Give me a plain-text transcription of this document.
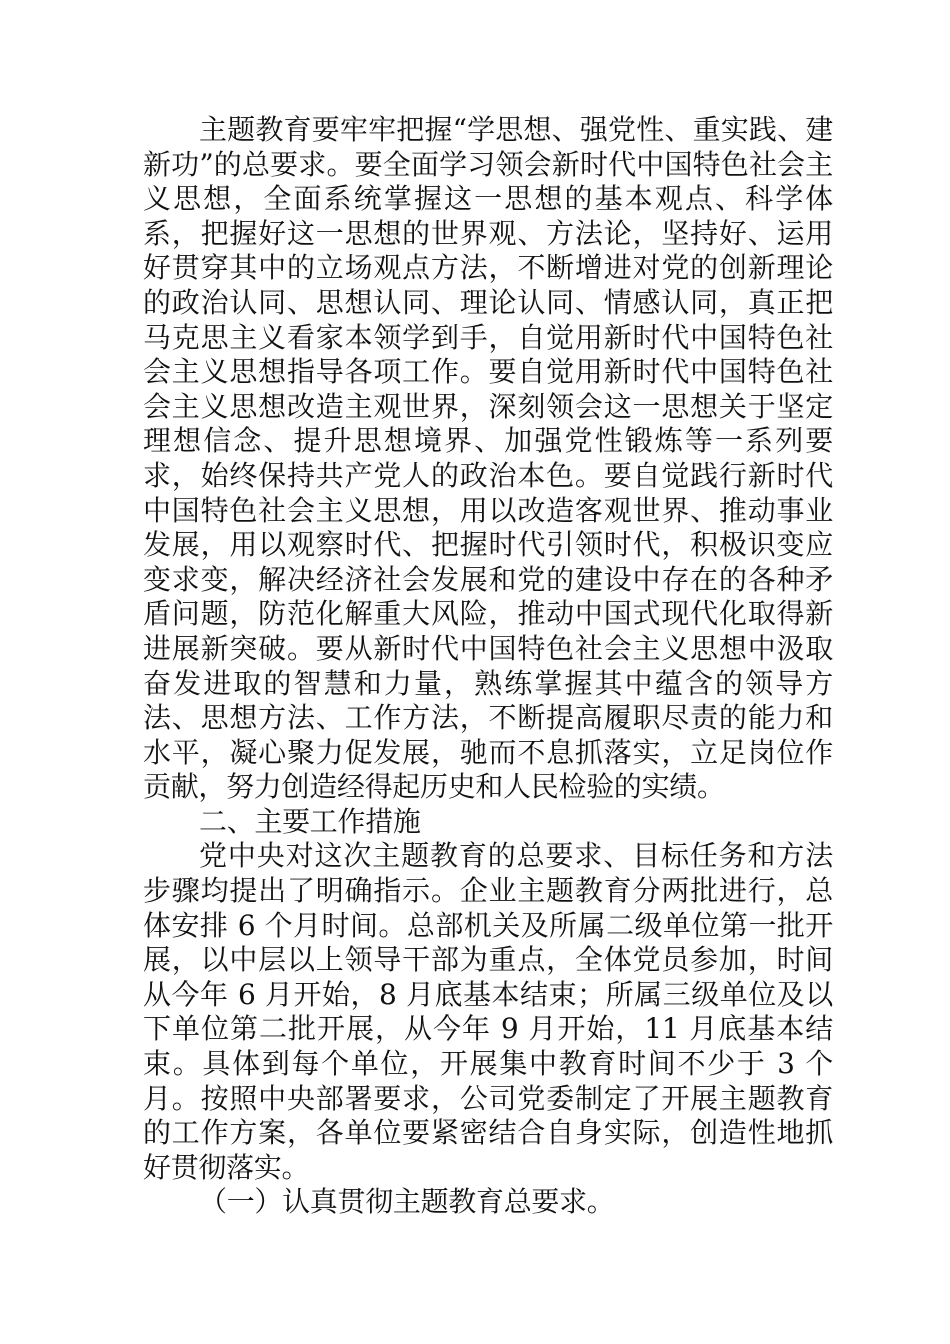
主题教育要牢牢把握“学思想、强党性、重实践、建新功”的总要求。要全面学习领会新时代中国特色社会主义思想，全面系统掌握这一思想的基本观点、科学体系，把握好这一思想的世界观、方法论，坚持好、运用好贯穿其中的立场观点方法，不断增进对党的创新理论的政治认同、思想认同、理论认同、情感认同，真正把马克思主义看家本领学到手，自觉用新时代中国特色社会主义思想指导各项工作。要自觉用新时代中国特色社会主义思想改造主观世界，深刻领会这一思想关于坚定理想信念、提升思想境界、加强党性锻炼等一系列要求，始终保持共产党人的政治本色。要自觉践行新时代中国特色社会主义思想，用以改造客观世界、推动事业发展，用以观察时代、把握时代引领时代，积极识变应变求变，解决经济社会发展和党的建设中存在的各种矛盾问题，防范化解重大风险，推动中国式现代化取得新进展新突破。要从新时代中国特色社会主义思想中汲取奋发进取的智慧和力量，熟练掌握其中蕴含的领导方法、思想方法、工作方法，不断提高履职尽责的能力和水平，凝心聚力促发展，驰而不息抓落实，立足岗位作贡献，努力创造经得起历史和人民检验的实绩。

二、主要工作措施

党中央对这次主题教育的总要求、目标任务和方法步骤均提出了明确指示。企业主题教育分两批进行，总体安排 6 个月时间。总部机关及所属二级单位第一批开展，以中层以上领导干部为重点，全体党员参加，时间从今年 6 月开始，8 月底基本结束；所属三级单位及以下单位第二批开展，从今年 9 月开始，11 月底基本结束。具体到每个单位，开展集中教育时间不少于 3 个月。按照中央部署要求，公司党委制定了开展主题教育的工作方案，各单位要紧密结合自身实际，创造性地抓好贯彻落实。

（一）认真贯彻主题教育总要求。
